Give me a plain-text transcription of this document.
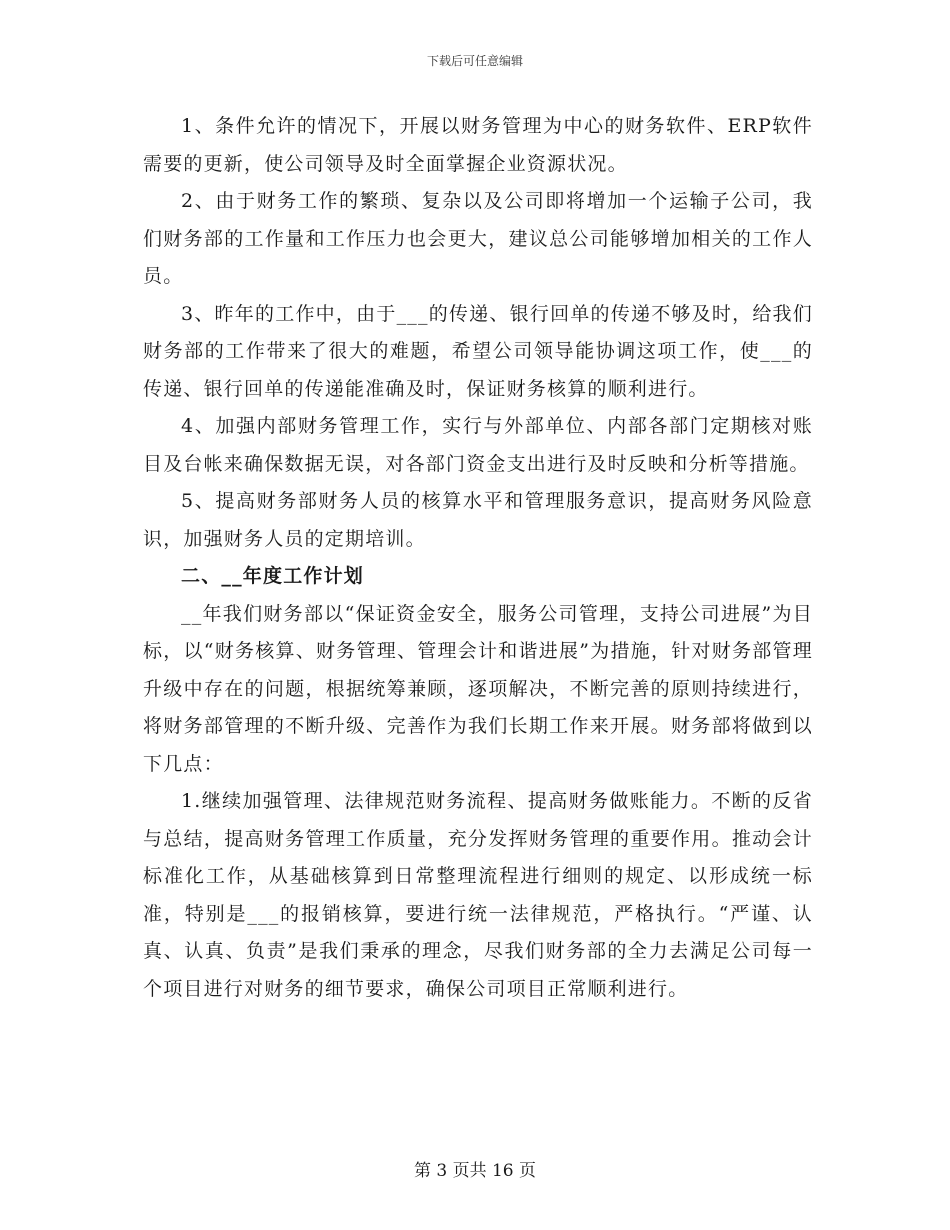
下载后可任意编辑

1、条件允许的情况下，开展以财务管理为中心的财务软件、ERP软件需要的更新，使公司领导及时全面掌握企业资源状况。

2、由于财务工作的繁琐、复杂以及公司即将增加一个运输子公司，我们财务部的工作量和工作压力也会更大，建议总公司能够增加相关的工作人员。

3、昨年的工作中，由于___的传递、银行回单的传递不够及时，给我们财务部的工作带来了很大的难题，希望公司领导能协调这项工作，使___的传递、银行回单的传递能准确及时，保证财务核算的顺利进行。

4、加强内部财务管理工作，实行与外部单位、内部各部门定期核对账目及台帐来确保数据无误，对各部门资金支出进行及时反映和分析等措施。

5、提高财务部财务人员的核算水平和管理服务意识，提高财务风险意识，加强财务人员的定期培训。

二、__年度工作计划

__年我们财务部以“保证资金安全，服务公司管理，支持公司进展”为目标，以“财务核算、财务管理、管理会计和谐进展”为措施，针对财务部管理升级中存在的问题，根据统筹兼顾，逐项解决，不断完善的原则持续进行，将财务部管理的不断升级、完善作为我们长期工作来开展。财务部将做到以下几点：

1.继续加强管理、法律规范财务流程、提高财务做账能力。不断的反省与总结，提高财务管理工作质量，充分发挥财务管理的重要作用。推动会计标准化工作，从基础核算到日常整理流程进行细则的规定、以形成统一标准，特别是___的报销核算，要进行统一法律规范，严格执行。“严谨、认真、认真、负责”是我们秉承的理念，尽我们财务部的全力去满足公司每一个项目进行对财务的细节要求，确保公司项目正常顺利进行。

第 3 页共 16 页
